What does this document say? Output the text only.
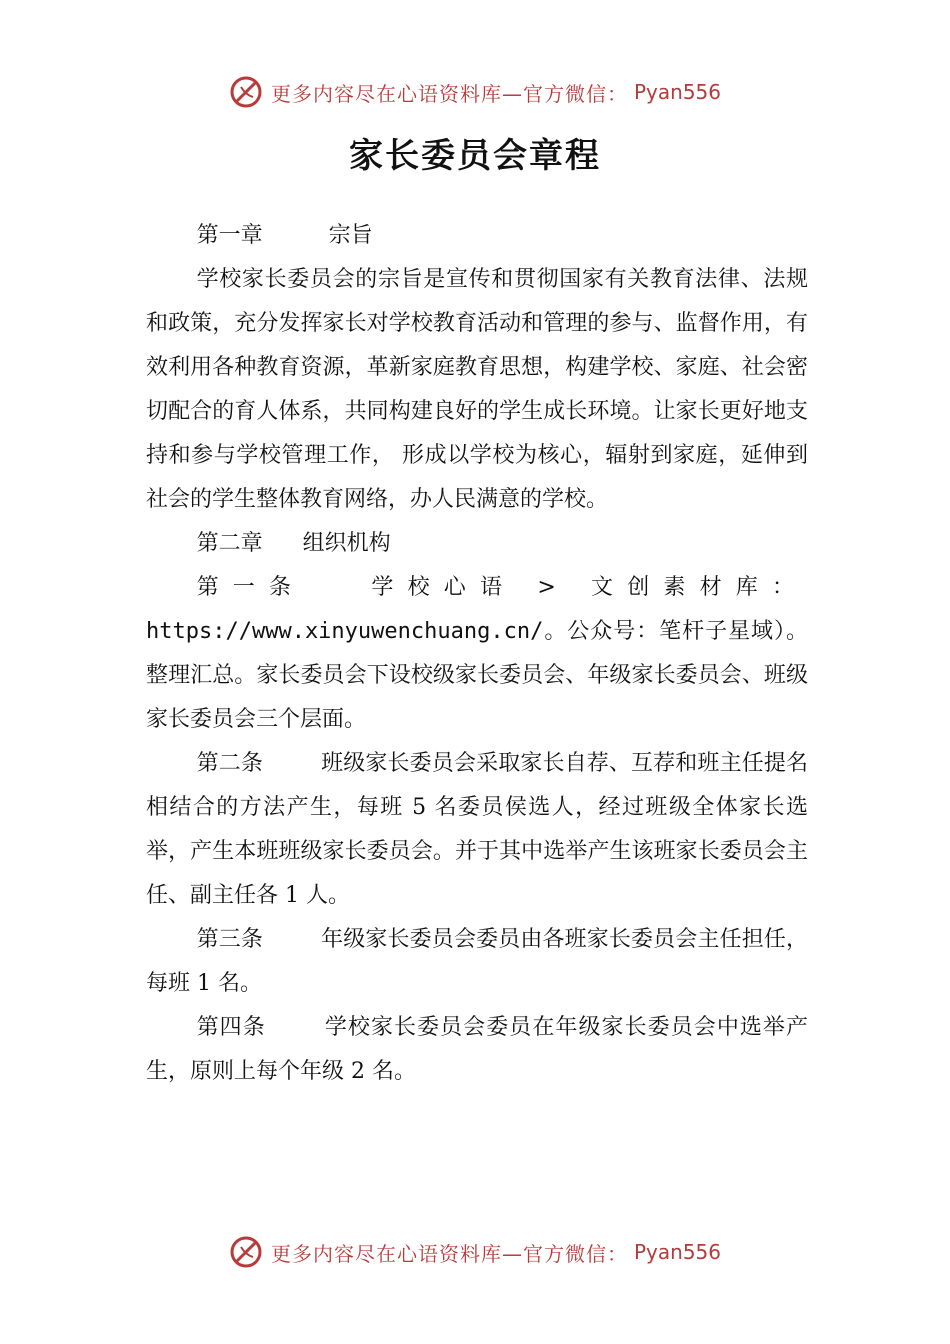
更多内容尽在心语资料库—官方微信： Pyan556
家长委员会章程

第一章	宗旨

学校家长委员会的宗旨是宣传和贯彻国家有关教育法律、法规和政策，充分发挥家长对学校教育活动和管理的参与、监督作用，有效利用各种教育资源，革新家庭教育思想，构建学校、家庭、社会密切配合的育人体系，共同构建良好的学生成长环境。让家长更好地支持和参与学校管理工作， 形成以学校为核心，辐射到家庭，延伸到社会的学生整体教育网络，办人民满意的学校。

第二章 组织机构

第一条	学校心语 > 文创素材库：https://www.xinyuwenchuang.cn/。公众号：笔杆子星域）。整理汇总。家长委员会下设校级家长委员会、年级家长委员会、班级家长委员会三个层面。

第二条	班级家长委员会采取家长自荐、互荐和班主任提名相结合的方法产生，每班 5 名委员侯选人，经过班级全体家长选举，产生本班班级家长委员会。并于其中选举产生该班家长委员会主任、副主任各 1 人。

第三条	年级家长委员会委员由各班家长委员会主任担任，每班 1 名。

第四条	学校家长委员会委员在年级家长委员会中选举产生，原则上每个年级 2 名。

更多内容尽在心语资料库—官方微信： Pyan556
